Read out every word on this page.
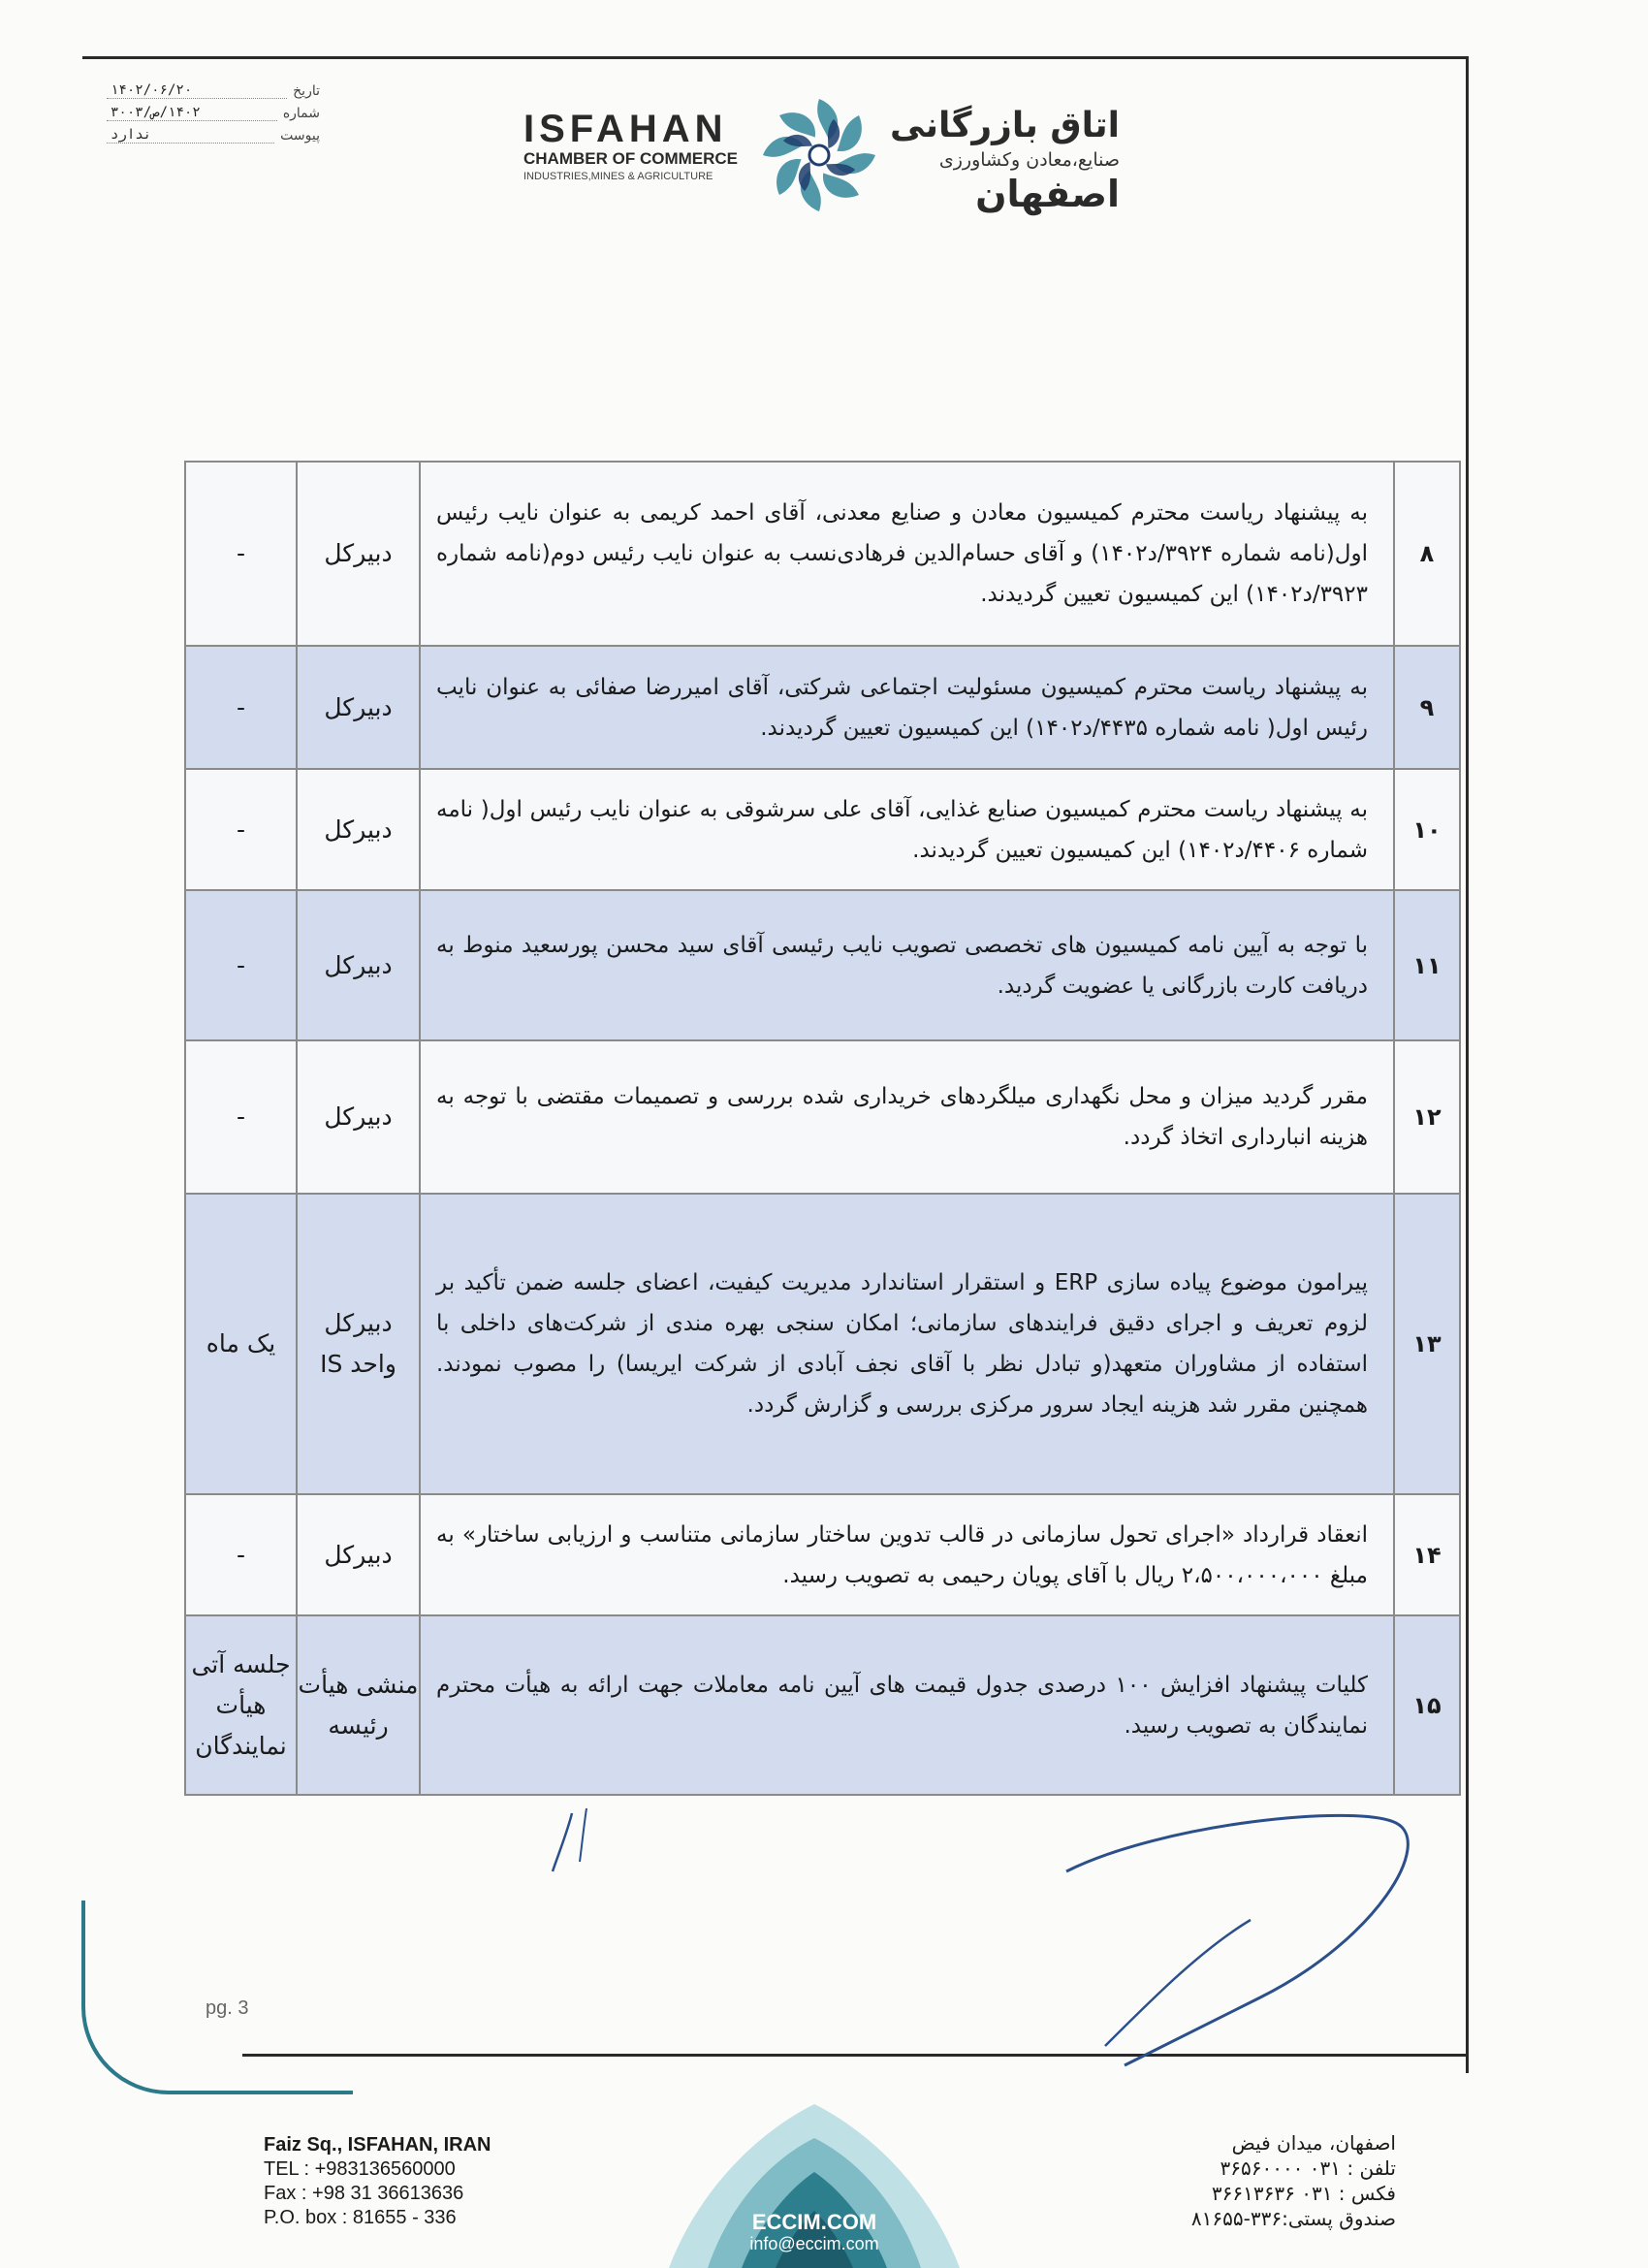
تاریخ
۱۴۰۲/۰۶/۲۰
شماره
۱۴۰۲/ص/۳۰۰۳
پیوست
ندارد	ISFAHAN
CHAMBER OF COMMERCE
INDUSTRIES,MINES & AGRICULTURE
اتاق بازرگانی
صنایع،معادن وکشاورزی
اصفهان
۸	به پیشنهاد ریاست محترم کمیسیون معادن و صنایع معدنی، آقای احمد کریمی به عنوان نایب رئیس اول(نامه شماره ۳۹۲۴/د۱۴۰۲) و آقای حسام‌الدین فرهادی‌نسب به عنوان نایب رئیس دوم(نامه شماره ۳۹۲۳/د۱۴۰۲) این کمیسیون تعیین گردیدند.	دبیرکل	-
۹	به پیشنهاد ریاست محترم کمیسیون مسئولیت اجتماعی شرکتی، آقای امیررضا صفائی به عنوان نایب رئیس اول( نامه شماره ۴۴۳۵/د۱۴۰۲) این کمیسیون تعیین گردیدند.	دبیرکل	-
۱۰	به پیشنهاد ریاست محترم کمیسیون صنایع غذایی، آقای علی سرشوقی به عنوان نایب رئیس اول( نامه شماره ۴۴۰۶/د۱۴۰۲) این کمیسیون تعیین گردیدند.	دبیرکل	-
۱۱	با توجه به آیین نامه کمیسیون های تخصصی تصویب نایب رئیسی آقای سید محسن پورسعید منوط به دریافت کارت بازرگانی یا عضویت گردید.	دبیرکل	-
۱۲	مقرر گردید میزان و محل نگهداری میلگردهای خریداری شده بررسی و تصمیمات مقتضی با توجه به هزینه انبارداری اتخاذ گردد.	دبیرکل	-
۱۳	پیرامون موضوع پیاده سازی ERP و استقرار استاندارد مدیریت کیفیت، اعضای جلسه ضمن تأکید بر لزوم تعریف و اجرای دقیق فرایندهای سازمانی؛ امکان سنجی بهره مندی از شرکت‌های داخلی با استفاده از مشاوران متعهد(و تبادل نظر با آقای نجف آبادی از شرکت ایریسا) را مصوب نمودند. همچنین مقرر شد هزینه ایجاد سرور مرکزی بررسی و گزارش گردد.	دبیرکل واحد IS	یک ماه
۱۴	انعقاد قرارداد «اجرای تحول سازمانی در قالب تدوین ساختار سازمانی متناسب و ارزیابی ساختار» به مبلغ ۲،۵۰۰،۰۰۰،۰۰۰ ریال با آقای پویان رحیمی به تصویب رسید.	دبیرکل	-
۱۵	کلیات پیشنهاد افزایش ۱۰۰ درصدی جدول قیمت های آیین نامه معاملات جهت ارائه به هیأت محترم نمایندگان به تصویب رسید.	منشی هیأت رئیسه	جلسه آتی هیأت نمایندگان
pg. 3
ECCIM.COM
info@eccim.com
Faiz Sq., ISFAHAN, IRAN
TEL : +983136560000
Fax : +98 31 36613636
P.O. box : 81655 - 336
اصفهان، میدان فیض
تلفن : ۰۳۱ ۳۶۵۶۰۰۰۰
فکس : ۰۳۱ ۳۶۶۱۳۶۳۶
صندوق پستی:۳۳۶-۸۱۶۵۵
